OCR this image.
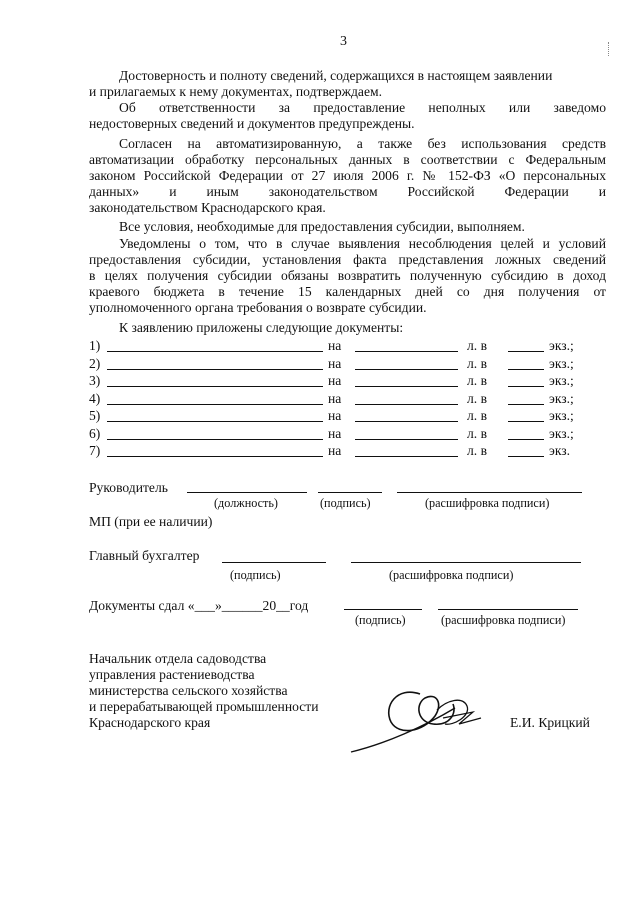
3
Достоверность и полноту сведений, содержащихся в настоящем заявлении
и прилагаемых к нему документах, подтверждаем.
Об ответственности за предоставление неполных или заведомо
недостоверных сведений и документов предупреждены.
Согласен на автоматизированную, а также без использования средств
автоматизации обработку персональных данных в соответствии с Федеральным
законом Российской Федерации от 27 июля 2006 г. № 152-ФЗ «О персональных
данных» и иным законодательством Российской Федерации и
законодательством Краснодарского края.
Все условия, необходимые для предоставления субсидии, выполняем.
Уведомлены о том, что в случае выявления несоблюдения целей и условий
предоставления субсидии, установления факта представления ложных сведений
в целях получения субсидии обязаны возвратить полученную субсидию в доход
краевого бюджета в течение 15 календарных дней со дня получения от
уполномоченного органа требования о возврате субсидии.
К заявлению приложены следующие документы:
1)	на	л. в	экз.;
2)	на	л. в	экз.;
3)	на	л. в	экз.;
4)	на	л. в	экз.;
5)	на	л. в	экз.;
6)	на	л. в	экз.;
7)	на	л. в	экз.
Руководитель
(должность)	(подпись)	(расшифровка подписи)
МП (при ее наличии)
Главный бухгалтер
(подпись)	(расшифровка подписи)
Документы сдал «___»______20__год
(подпись)	(расшифровка подписи)
Начальник отдела садоводства
управления растениеводства
министерства сельского хозяйства
и перерабатывающей промышленности
Краснодарского края	Е.И. Крицкий
